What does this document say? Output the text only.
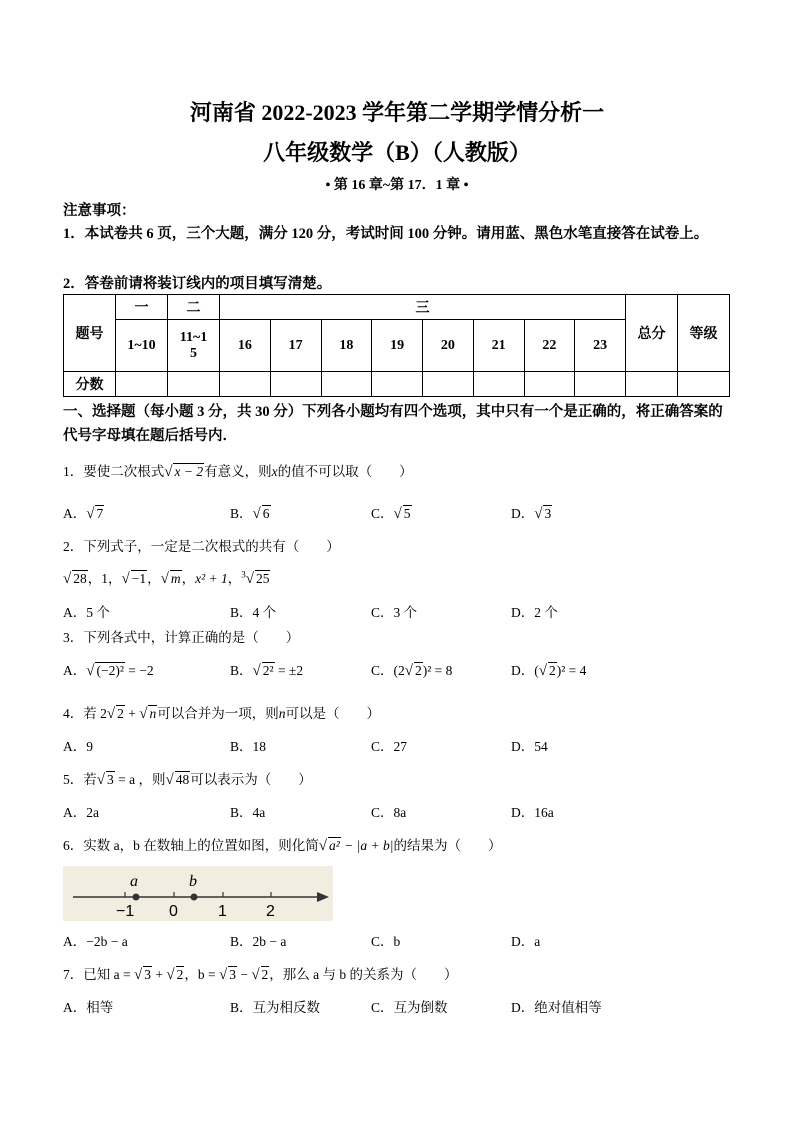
河南省 2022-2023 学年第二学期学情分析一
八年级数学（B）（人教版）
• 第 16 章~第 17．1 章 •
注意事项：
1．本试卷共 6 页，三个大题，满分 120 分，考试时间 100 分钟。请用蓝、黑色水笔直接答在试卷上。
2．答卷前请将装订线内的项目填写清楚。
题号	一	二	三								总分	等级
	1~10	11~1
5	16	17	18	19	20	21	22	23		
分数												
一、选择题（每小题 3 分，共 30 分）下列各小题均有四个选项，其中只有一个是正确的，将正确答案的代号字母填在题后括号内．
1．要使二次根式√ x − 2有意义，则x的值不可以取（　　）
A．√ 7	B．√ 6	C．√ 5	D．√ 3
2．下列式子，一定是二次根式的共有（　　）
√ 28，1，√ −1，√ m，x² + 1，$^3$√ 25
A．5 个	B．4 个	C．3 个	D．2 个
3．下列各式中，计算正确的是（　　）
A．√ (−2)² = −2	B．√ 2² = ±2	C．(2√ 2)² = 8	D．(√ 2)² = 4
4．若 2√ 2 + √ n可以合并为一项，则n可以是（　　）
A．9	B．18	C．27	D．54
5．若√ 3 = a ，则√ 48可以表示为（　　）
A．2a	B．4a	C．8a	D．16a
6．实数 a，b 在数轴上的位置如图，则化简√ a² − |a + b|的结果为（　　）
a	b
−1 0	1 2
A．−2b − a	B．2b − a	C．b	D．a
7．已知 a = √ 3 + √ 2，b = √ 3 − √ 2，那么 a 与 b 的关系为（　　）
A．相等	B．互为相反数	C．互为倒数	D．绝对值相等
